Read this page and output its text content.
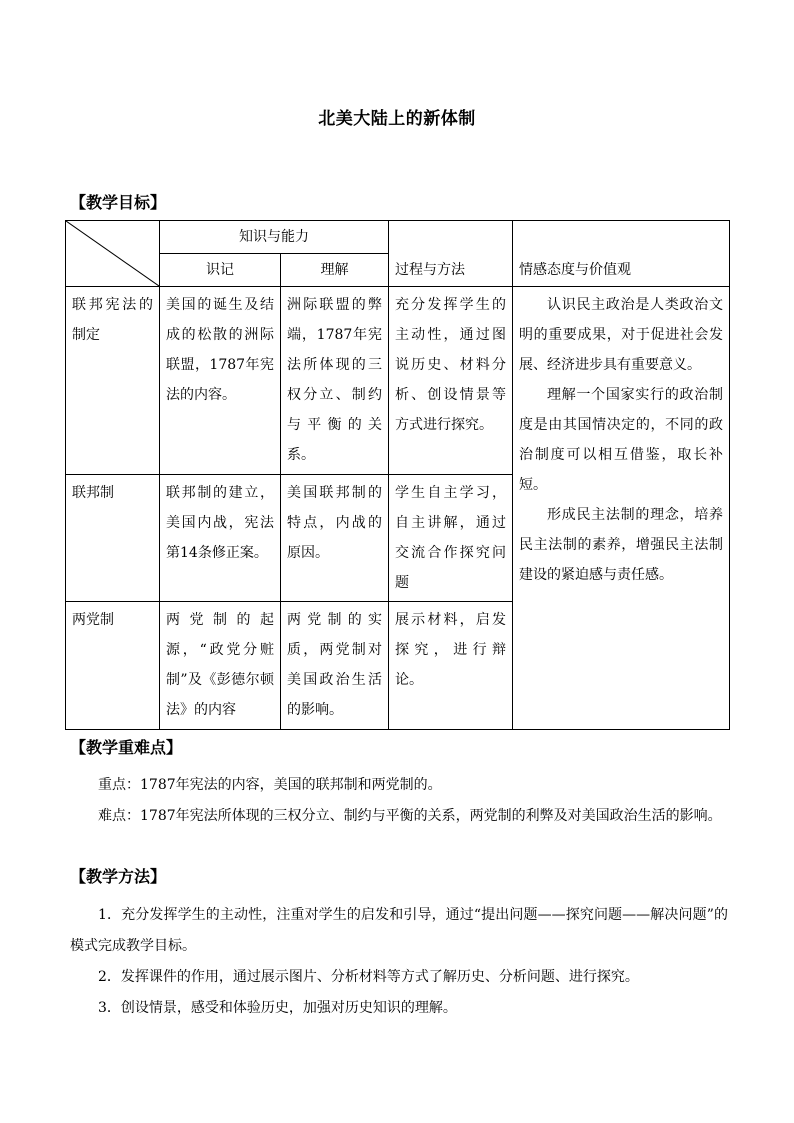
北美大陆上的新体制
【教学目标】
	知识与能力		过程与方法	情感态度与价值观
	识记	理解		
联邦宪法的制定	美国的诞生及结成的松散的洲际联盟，1787年宪法的内容。	洲际联盟的弊端，1787年宪法所体现的三权分立、制约与平衡的关系。	充分发挥学生的主动性，通过图说历史、材料分析、创设情景等方式进行探究。	认识民主政治是人类政治文明的重要成果，对于促进社会发展、经济进步具有重要意义。

理解一个国家实行的政治制度是由其国情决定的，不同的政治制度可以相互借鉴，取长补短。

形成民主法制的理念，培养民主法制的素养，增强民主法制建设的紧迫感与责任感。

联邦制	联邦制的建立，美国内战，宪法第14条修正案。	美国联邦制的特点，内战的原因。	学生自主学习，自主讲解，通过交流合作探究问题	
两党制	两党制的起源，“政党分赃制”及《彭德尔顿法》的内容	两党制的实质，两党制对美国政治生活的影响。	展示材料，启发探究，进行辩论。	
【教学重难点】
重点：1787年宪法的内容，美国的联邦制和两党制的。
难点：1787年宪法所体现的三权分立、制约与平衡的关系，两党制的利弊及对美国政治生活的影响。
【教学方法】
1．充分发挥学生的主动性，注重对学生的启发和引导，通过“提出问题——探究问题——解决问题”的模式完成教学目标。
2．发挥课件的作用，通过展示图片、分析材料等方式了解历史、分析问题、进行探究。
3．创设情景，感受和体验历史，加强对历史知识的理解。
